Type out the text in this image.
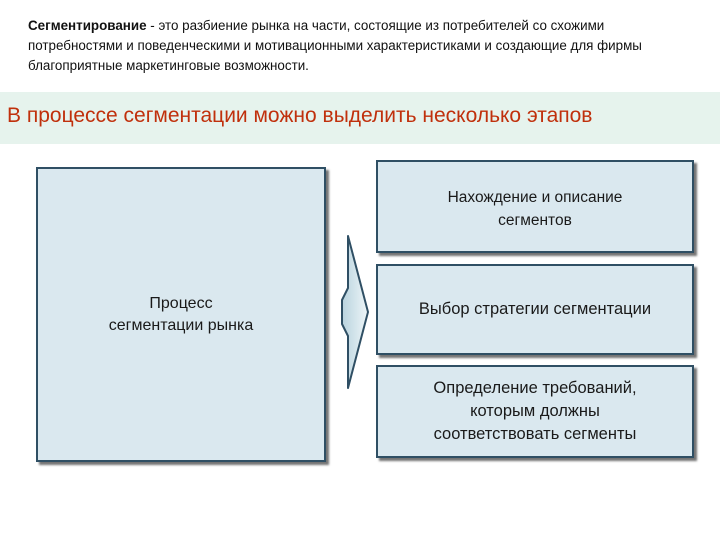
Сегментирование - это разбиение рынка на части, состоящие из потребителей со схожими потребностями и поведенческими и мотивационными характеристиками и создающие для фирмы благоприятные маркетинговые возможности.
В процессе сегментации можно выделить несколько этапов
Процесс
сегментации рынка
Нахождение и описание
сегментов
Выбор стратегии сегментации
Определение требований,
которым должны
соответствовать сегменты
